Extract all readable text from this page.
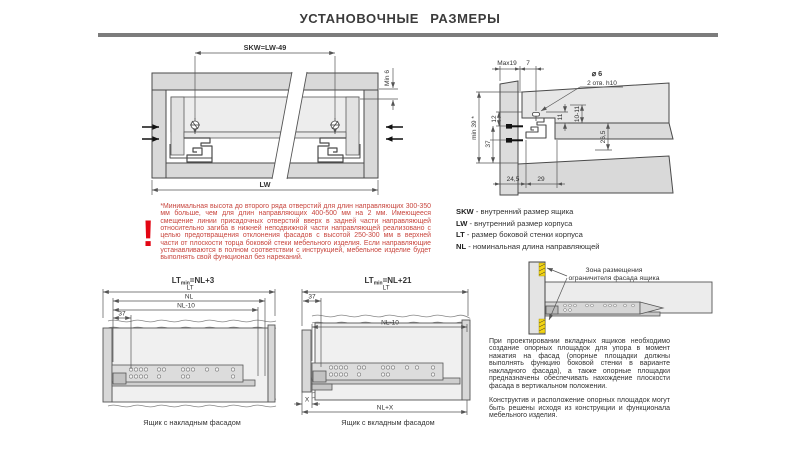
УСТАНОВОЧНЫЕ РАЗМЕРЫ
SKW=LW-49
Min 6
LW
!
*Минимальная высота до второго ряда отверстий для длин направляющих 300-350 мм больше, чем для длин направляющих 400-500 мм на 2 мм. Имеющееся смещение линии присадочных отверстий вверх в задней части направляющей относительно загиба в нижней неподвижной части направляющей реализовано с целью предотвращения отклонения фасадов с высотой 250-300 мм в верхней части от плоскости торца боковой стеки мебельного изделия. Если направляющие устанавливаются в полном соответствии с инструкцией, мебельное изделие будет выполнять свой функционал без нареканий.
Max19 7
⌀ 6
2 отв. h10
12
37
min 39 *	11 10-11
26,5
24,5	29
SKW - внутренний размер ящика
LW - внутренний размер корпуса
LT - размер боковой стенки корпуса
NL - номинальная длина направляющей
LTmin=NL+3
LT
NL
NL-10
37
Ящик с накладным фасадом
LTmin=NL+21
LT
37
NL-10
X
NL+X
Ящик с вкладным фасадом
Зона размещения
ограничителя фасада ящика

При проектировании вкладных ящиков необходимо создание опорных площадок для упора в момент нажатия на фасад (опорные площадки должны выполнять функцию боковой стенки в варианте накладного фасада), а также опорные площадки предназначены обеспечивать нахождение плоскости фасада в вертикальном положении.

Конструктив и расположение опорных площадок могут быть решены исходя из конструкции и функционала мебельного изделия.
